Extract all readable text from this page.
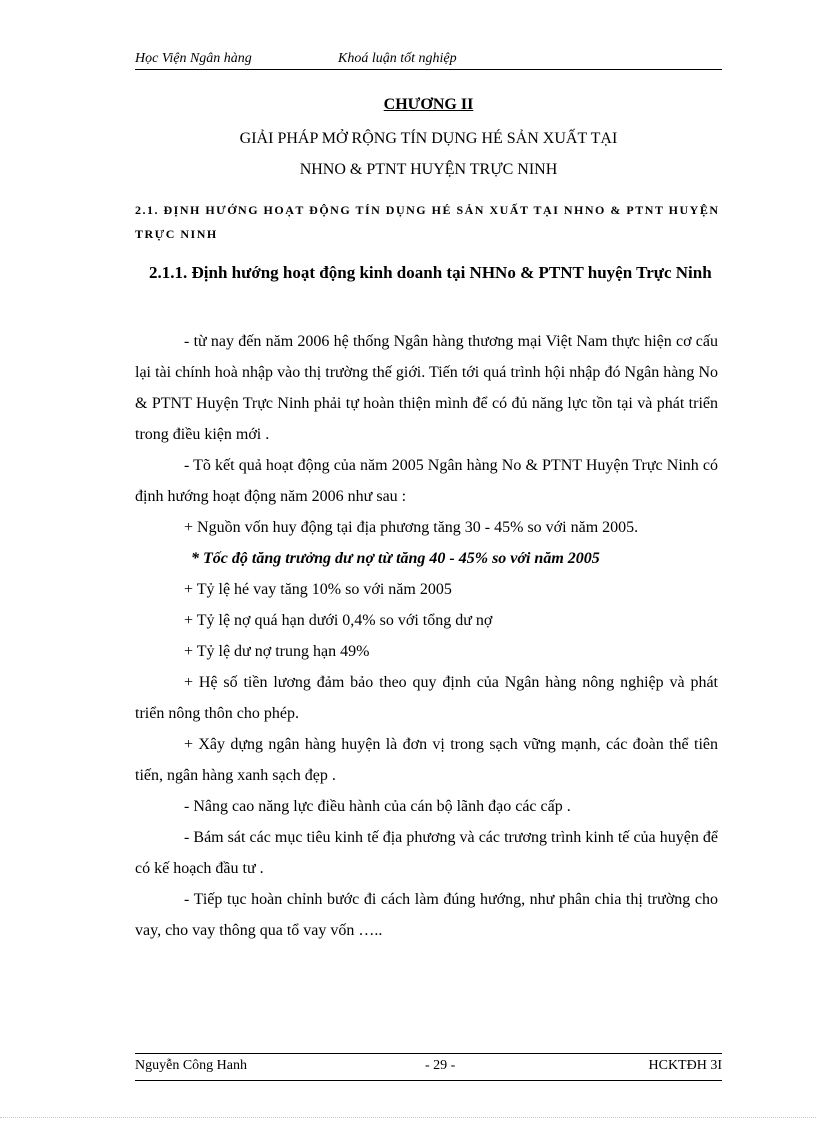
Học Viện Ngân hàng	Khoá luận tốt nghiệp
CHƯƠNG II
GIẢI PHÁP MỞ RỘNG TÍN DỤNG HÉ SẢN XUẤT TẠI
NHNO & PTNT HUYỆN TRỰC NINH
2.1. ĐỊNH HƯỚNG HOẠT ĐỘNG TÍN DỤNG HÉ SẢN XUẤT TẠI NHNO & PTNT HUYỆN TRỰC NINH
2.1.1. Định hướng hoạt động kinh doanh tại NHNo & PTNT huyện Trực Ninh

- từ nay đến năm 2006 hệ thống Ngân hàng thương mại Việt Nam thực hiện cơ cấu lại tài chính hoà nhập vào thị trường thế giới. Tiến tới quá trình hội nhập đó Ngân hàng No & PTNT Huyện Trực Ninh phải tự hoàn thiện mình để có đủ năng lực tồn tại và phát triển trong điều kiện mới .

- Tõ kết quả hoạt động của năm 2005 Ngân hàng No & PTNT Huyện Trực Ninh có định hướng hoạt động năm 2006 như sau :

+ Nguồn vốn huy động tại địa phương tăng 30 - 45% so với năm 2005.

* Tốc độ tăng trưởng dư nợ từ tăng 40 - 45% so với năm 2005

+ Tỷ lệ hé vay tăng 10% so với năm 2005

+ Tỷ lệ nợ quá hạn dưới 0,4% so với tổng dư nợ

+ Tỷ lệ dư nợ trung hạn 49%

+ Hệ số tiền lương đảm bảo theo quy định của Ngân hàng nông nghiệp và phát triển nông thôn cho phép.

+ Xây dựng ngân hàng huyện là đơn vị trong sạch vững mạnh, các đoàn thể tiên tiến, ngân hàng xanh sạch đẹp .

- Nâng cao năng lực điều hành của cán bộ lãnh đạo các cấp .

- Bám sát các mục tiêu kinh tế địa phương và các trương trình kinh tế của huyện để có kế hoạch đầu tư .

- Tiếp tục hoàn chỉnh bước đi cách làm đúng hướng, như phân chia thị trường cho vay, cho vay thông qua tổ vay vốn …..

Nguyễn Công Hanh	- 29 -	HCKTĐH 3I
